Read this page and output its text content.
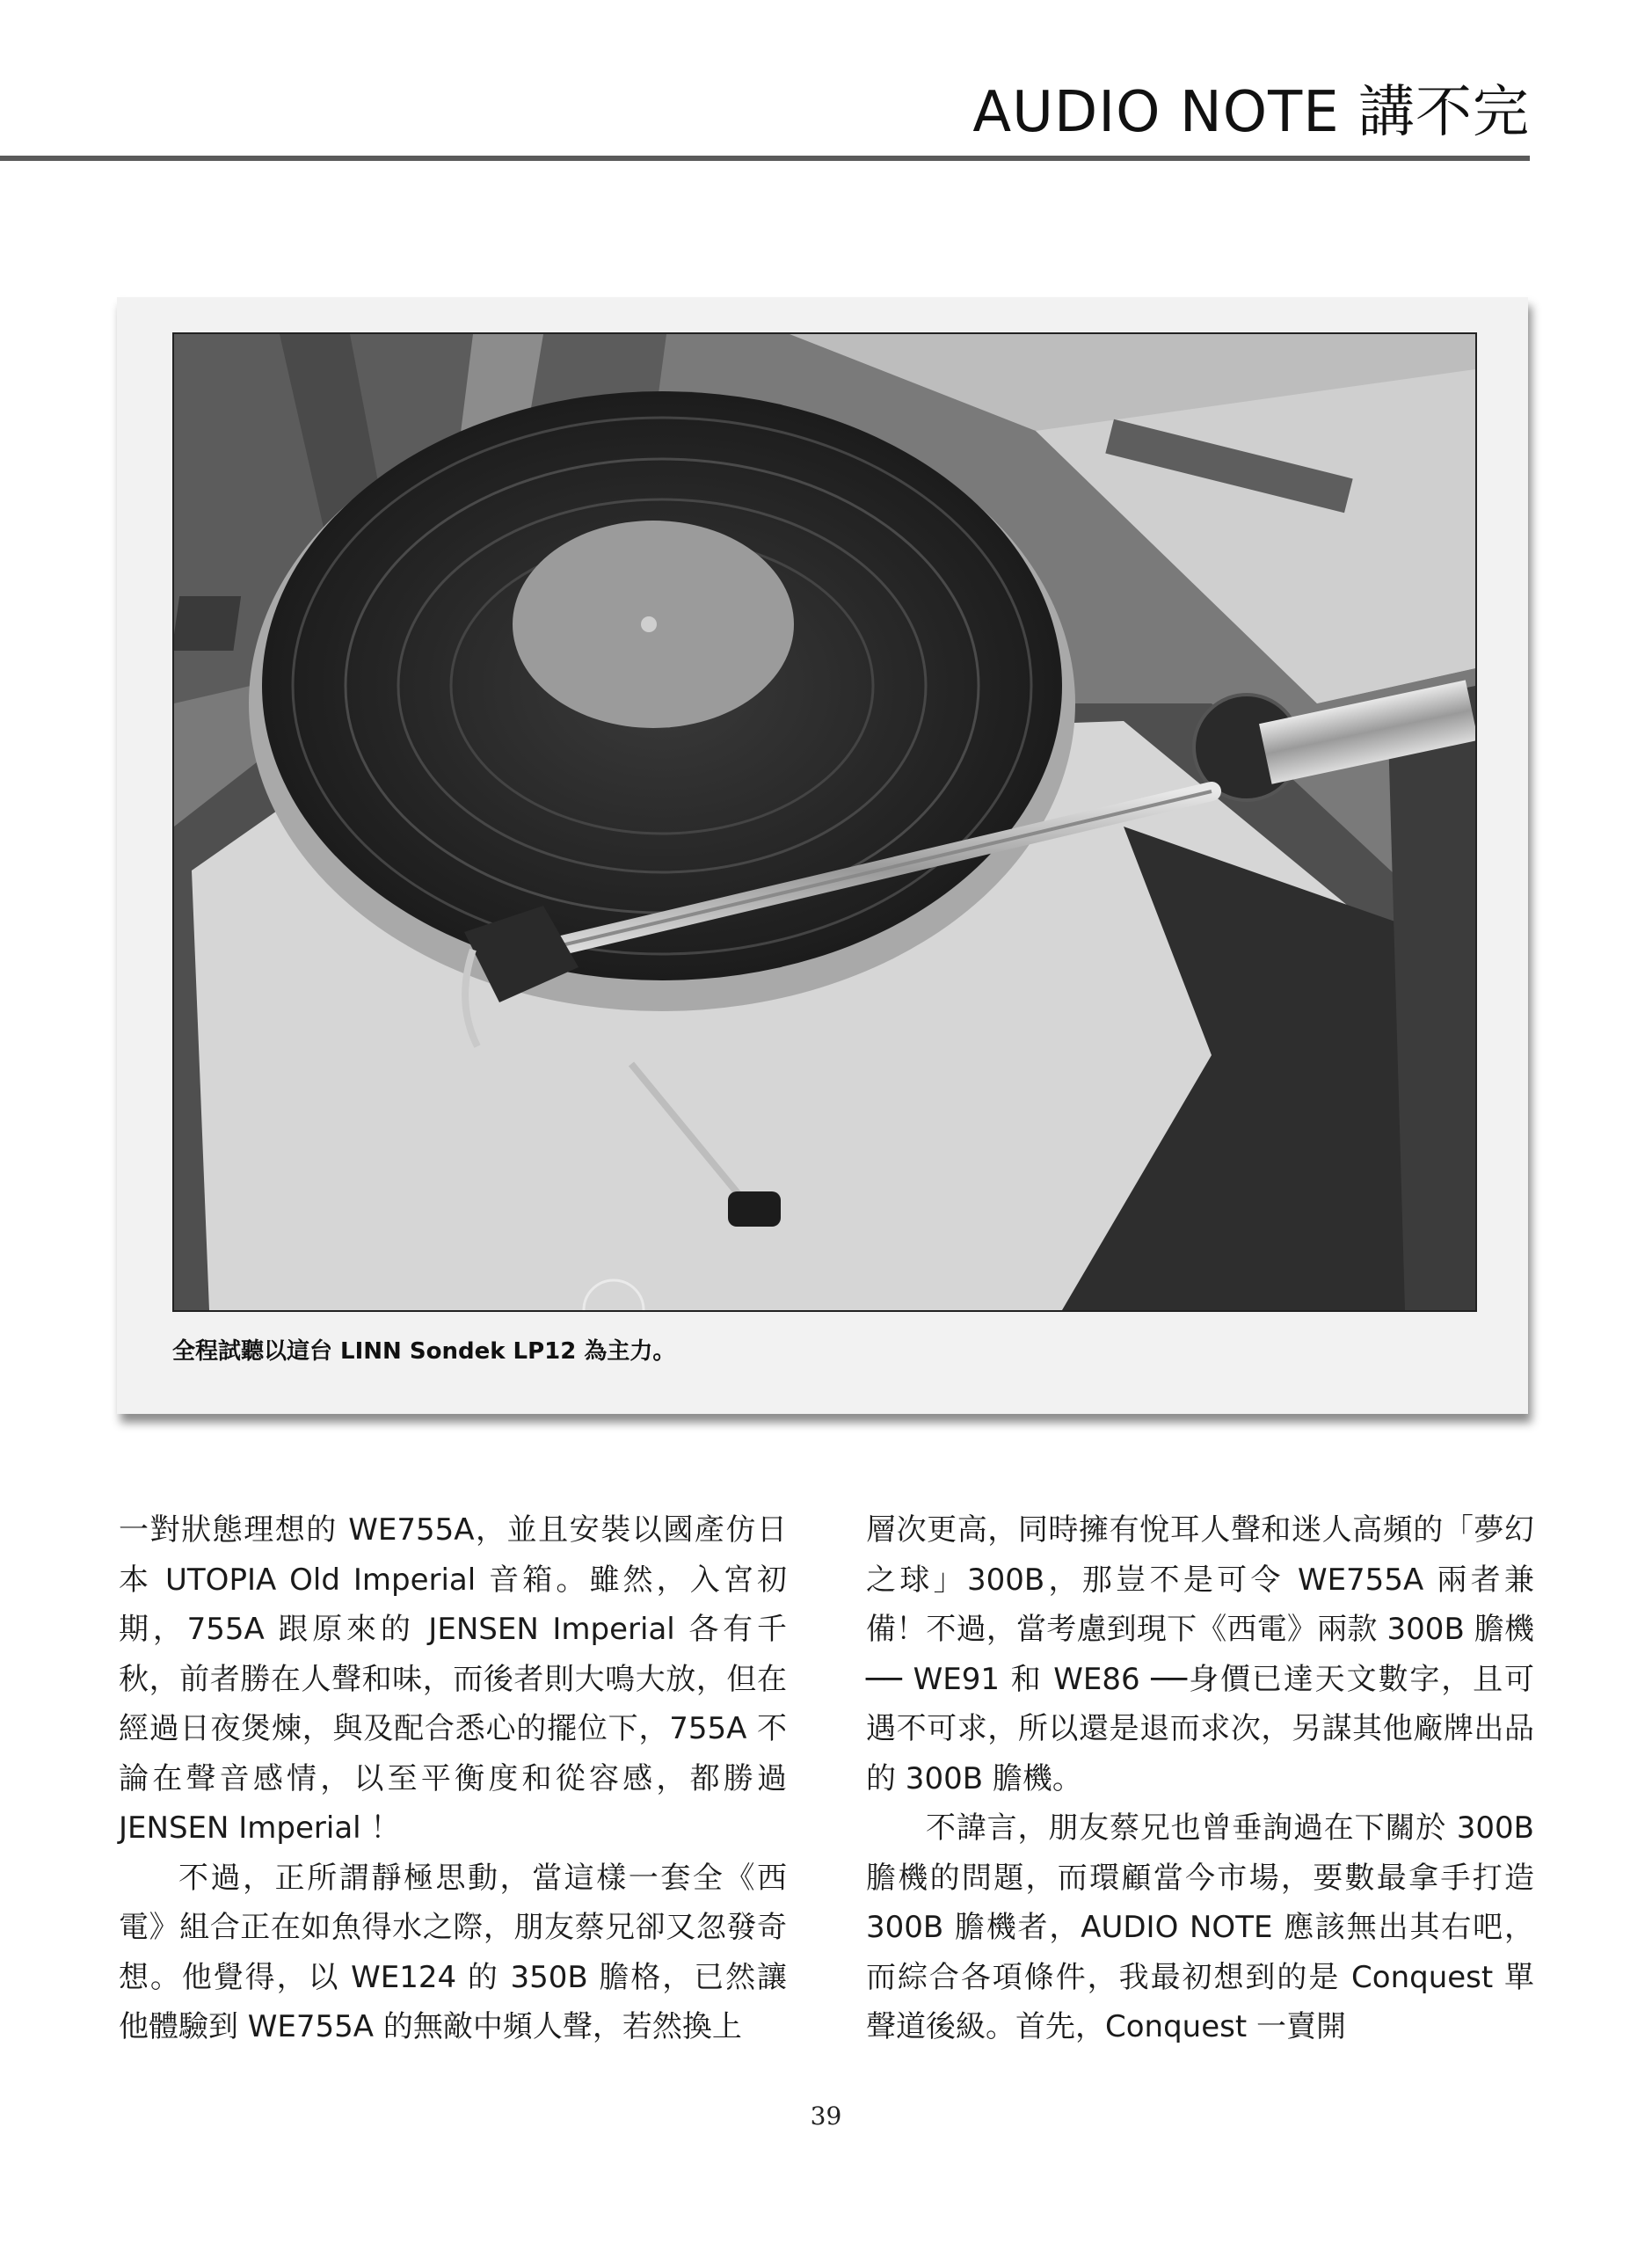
AUDIO NOTE 講不完
全程試聽以這台 LINN Sondek LP12 為主力。

一對狀態理想的 WE755A，並且安裝以國產仿日本 UTOPIA Old Imperial 音箱。雖然，入宮初期，755A 跟原來的 JENSEN Imperial 各有千秋，前者勝在人聲和味，而後者則大鳴大放，但在經過日夜煲煉，與及配合悉心的擺位下，755A 不論在聲音感情，以至平衡度和從容感，都勝過 JENSEN Imperial ！

不過，正所謂靜極思動，當這樣一套全《西電》組合正在如魚得水之際，朋友蔡兄卻又忽發奇想。他覺得，以 WE124 的 350B 膽格，已然讓他體驗到 WE755A 的無敵中頻人聲，若然換上

層次更高，同時擁有悅耳人聲和迷人高頻的「夢幻之球」300B，那豈不是可令 WE755A 兩者兼備！不過，當考慮到現下《西電》兩款 300B 膽機── WE91 和 WE86 ──身價已達天文數字，且可遇不可求，所以還是退而求次，另謀其他廠牌出品的 300B 膽機。

不諱言，朋友蔡兄也曾垂詢過在下關於 300B 膽機的問題，而環顧當今市場，要數最拿手打造 300B 膽機者，AUDIO NOTE 應該無出其右吧，而綜合各項條件，我最初想到的是 Conquest 單聲道後級。首先，Conquest 一賣開

39
